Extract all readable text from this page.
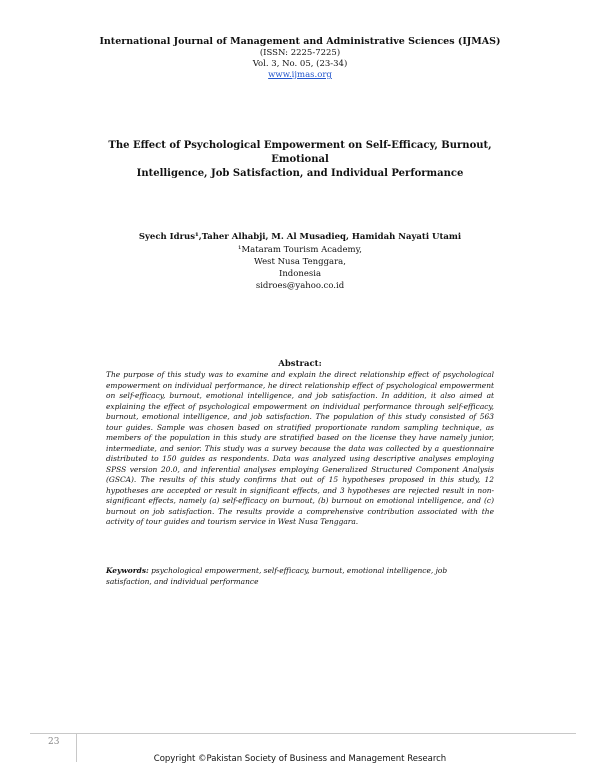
International Journal of Management and Administrative Sciences (IJMAS)
(ISSN: 2225-7225)
Vol. 3, No. 05, (23-34)
www.ijmas.org
The Effect of Psychological Empowerment on Self-Efficacy, Burnout, Emotional
Intelligence, Job Satisfaction, and Individual Performance
Syech Idrus¹,Taher Alhabji, M. Al Musadieq, Hamidah Nayati Utami
¹Mataram Tourism Academy,
West Nusa Tenggara,
Indonesia
sidroes@yahoo.co.id
Abstract:

The purpose of this study was to examine and explain the direct relationship effect of psychological empowerment on individual performance, he direct relationship effect of psychological empowerment on self-efficacy, burnout, emotional intelligence, and job satisfaction. In addition, it also aimed at explaining the effect of psychological empowerment on individual performance through self-efficacy, burnout, emotional intelligence, and job satisfaction. The population of this study consisted of 563 tour guides. Sample was chosen based on stratified proportionate random sampling technique, as members of the population in this study are stratified based on the license they have namely junior, intermediate, and senior. This study was a survey because the data was collected by a questionnaire distributed to 150 guides as respondents. Data was analyzed using descriptive analyses employing SPSS version 20.0, and inferential analyses employing Generalized Structured Component Analysis (GSCA). The results of this study confirms that out of 15 hypotheses proposed in this study, 12 hypotheses are accepted or result in significant effects, and 3 hypotheses are rejected result in non-significant effects, namely (a) self-efficacy on burnout, (b) burnout on emotional intelligence, and (c) burnout on job satisfaction. The results provide a comprehensive contribution associated with the activity of tour guides and tourism service in West Nusa Tenggara.

Keywords: psychological empowerment, self-efficacy, burnout, emotional intelligence, job satisfaction, and individual performance

23
Copyright ©Pakistan Society of Business and Management Research
